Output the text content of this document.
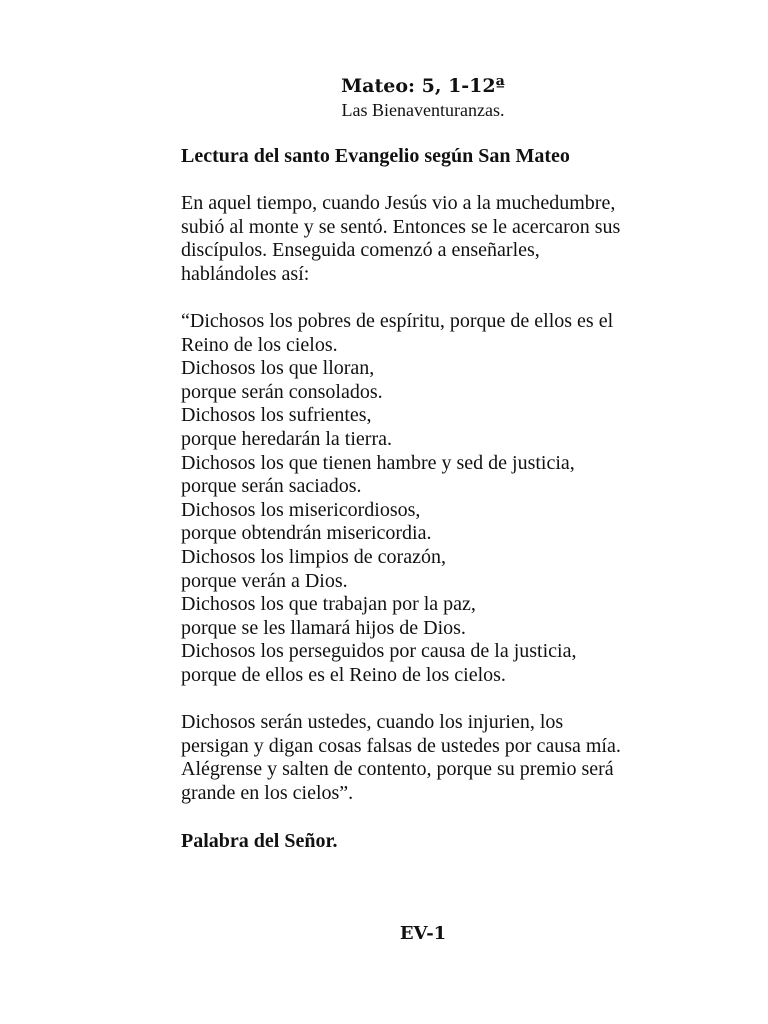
Mateo: 5, 1-12ª
Las Bienaventuranzas.
Lectura del santo Evangelio según San Mateo
En aquel tiempo, cuando Jesús vio a la muchedumbre,
subió al monte y se sentó. Entonces se le acercaron sus
discípulos. Enseguida comenzó a enseñarles,
hablándoles así:
“Dichosos los pobres de espíritu, porque de ellos es el
Reino de los cielos.
Dichosos los que lloran,
porque serán consolados.
Dichosos los sufrientes,
porque heredarán la tierra.
Dichosos los que tienen hambre y sed de justicia,
porque serán saciados.
Dichosos los misericordiosos,
porque obtendrán misericordia.
Dichosos los limpios de corazón,
porque verán a Dios.
Dichosos los que trabajan por la paz,
porque se les llamará hijos de Dios.
Dichosos los perseguidos por causa de la justicia,
porque de ellos es el Reino de los cielos.
Dichosos serán ustedes, cuando los injurien, los
persigan y digan cosas falsas de ustedes por causa mía.
Alégrense y salten de contento, porque su premio será
grande en los cielos”.
Palabra del Señor.
EV-1
